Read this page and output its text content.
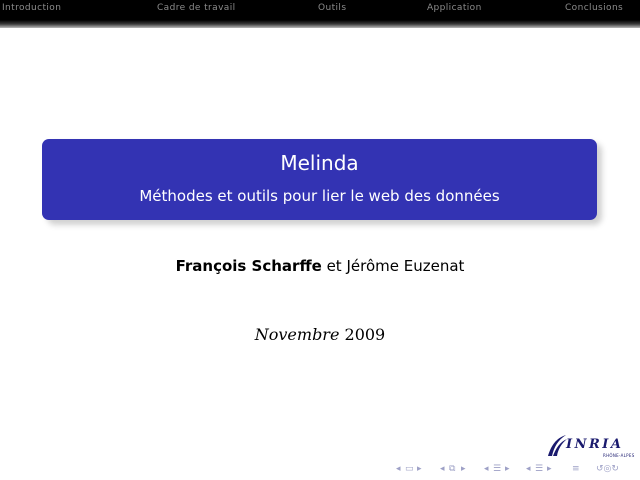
Introduction	Cadre de travail	Outils	Application	Conclusions
Melinda
Méthodes et outils pour lier le web des données
François Scharffe et Jérôme Euzenat
Novembre 2009
INRIA
RHÔNE-ALPES
◂ ▭ ▸ ◂ ⧉ ▸ ◂ ☰ ▸ ◂ ☰ ▸ ≡ ↺◎↻
